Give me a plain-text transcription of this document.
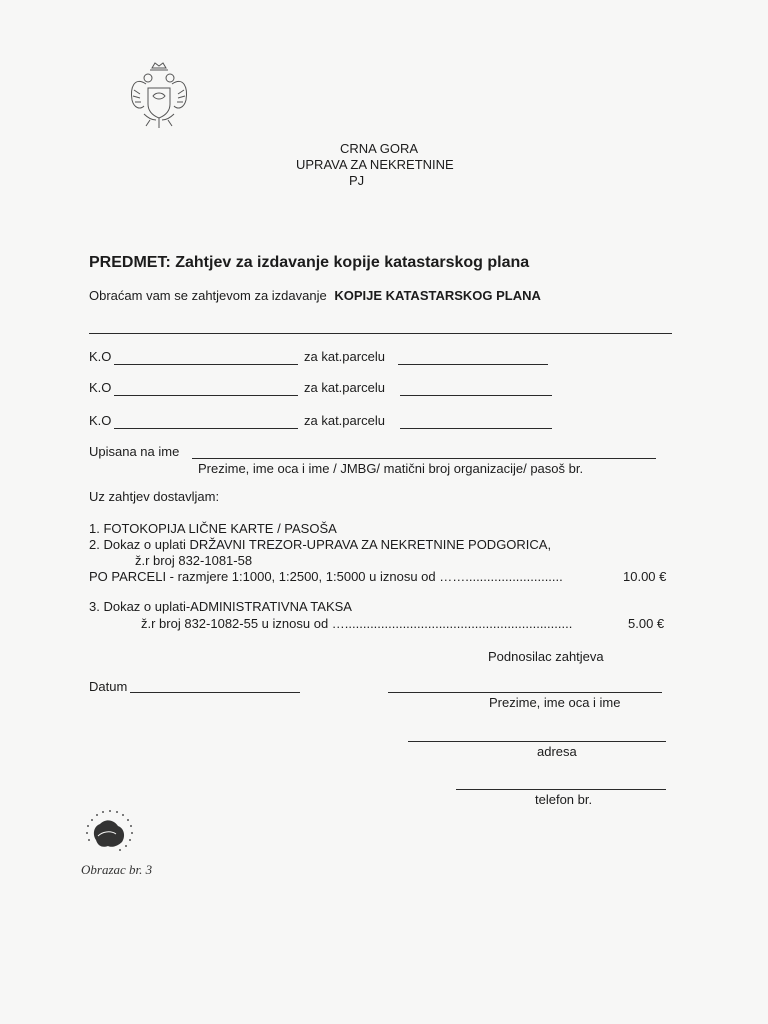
CRNA GORA
UPRAVA ZA NEKRETNINE
PJ
PREDMET: Zahtjev za izdavanje kopije katastarskog plana
Obraćam vam se zahtjevom za izdavanje KOPIJE KATASTARSKOG PLANA
K.O	za kat.parcelu
K.O	za kat.parcelu
K.O	za kat.parcelu
Upisana na ime
Prezime, ime oca i ime / JMBG/ matični broj organizacije/ pasoš br.
Uz zahtjev dostavljam:
1. FOTOKOPIJA LIČNE KARTE / PASOŠA
2. Dokaz o uplati DRŽAVNI TREZOR-UPRAVA ZA NEKRETNINE PODGORICA,
ž.r broj 832-1081-58
PO PARCELI - razmjere 1:1000, 1:2500, 1:5000 u iznosu od ……...........................	10.00 €
3. Dokaz o uplati-ADMINISTRATIVNA TAKSA
ž.r broj 832-1082-55 u iznosu od …...............................................................	5.00 €
Podnosilac zahtjeva
Datum
Prezime, ime oca i ime
adresa
telefon br.
Obrazac br. 3
